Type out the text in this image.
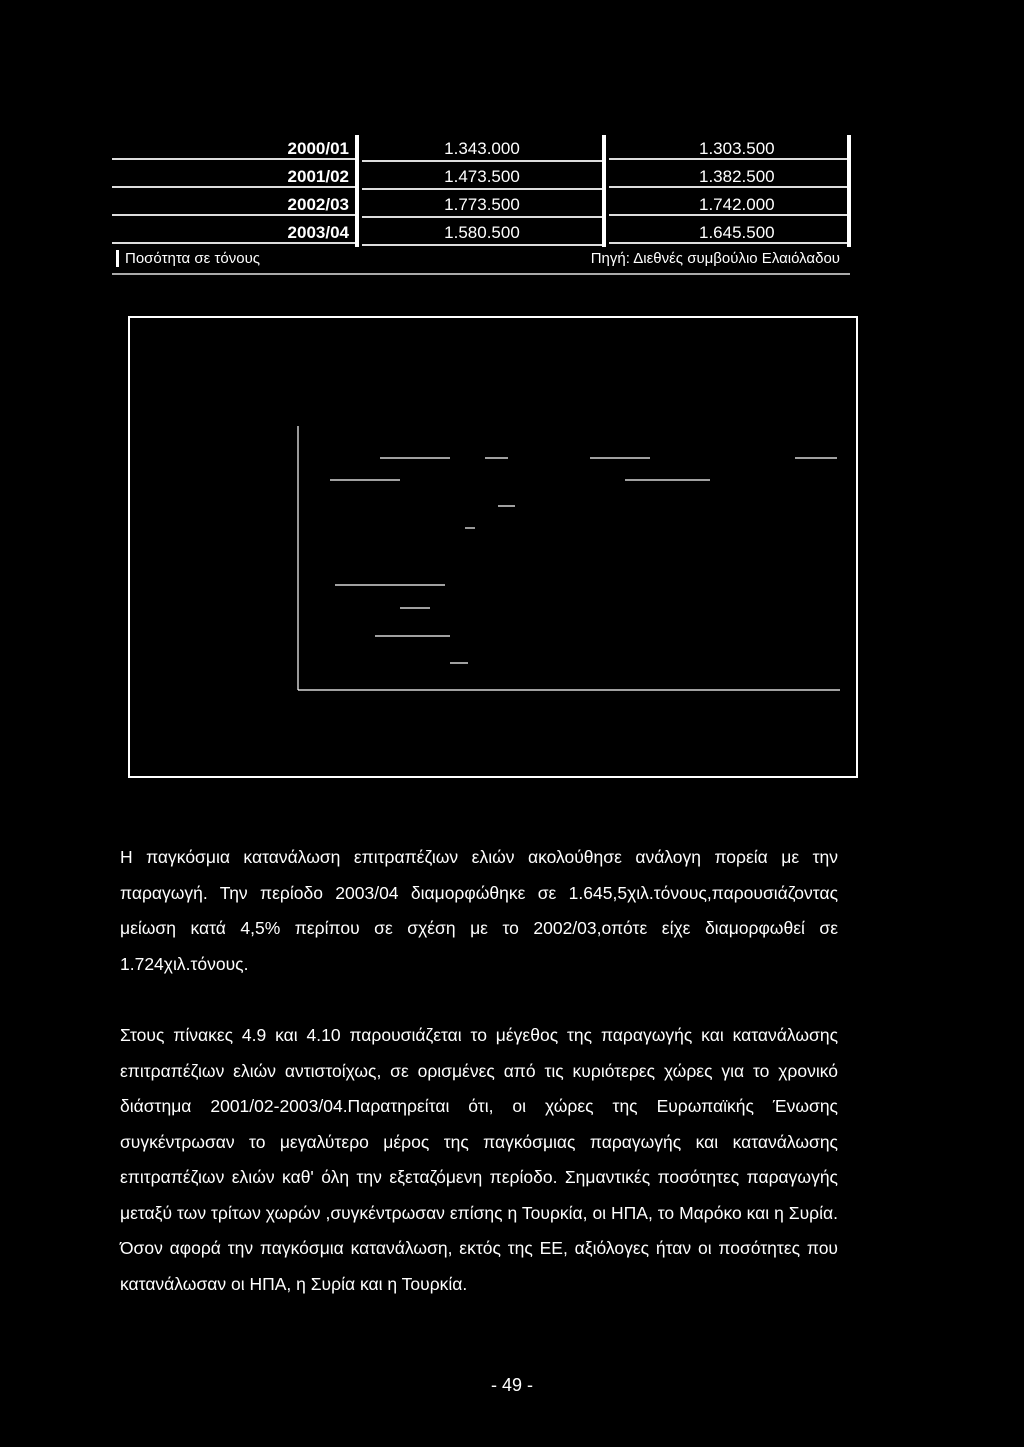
2000/01	1.343.000	1.303.500
2001/02	1.473.500	1.382.500
2002/03	1.773.500	1.742.000
2003/04	1.580.500	1.645.500
Ποσότητα σε τόνους	Πηγή: Διεθνές συμβούλιο Ελαιόλαδου
Η παγκόσμια κατανάλωση επιτραπέζιων ελιών ακολούθησε ανάλογη πορεία με την παραγωγή. Την περίοδο 2003/04 διαμορφώθηκε σε 1.645,5χιλ.τόνους,παρουσιάζοντας μείωση κατά 4,5% περίπου σε σχέση με το 2002/03,οπότε είχε διαμορφωθεί σε 1.724χιλ.τόνους.
Στους πίνακες 4.9 και 4.10 παρουσιάζεται το μέγεθος της παραγωγής και κατανάλωσης επιτραπέζιων ελιών αντιστοίχως, σε ορισμένες από τις κυριότερες χώρες για το χρονικό διάστημα 2001/02-2003/04.Παρατηρείται ότι, οι χώρες της Ευρωπαϊκής Ένωσης συγκέντρωσαν το μεγαλύτερο μέρος της παγκόσμιας παραγωγής και κατανάλωσης επιτραπέζιων ελιών καθ' όλη την εξεταζόμενη περίοδο. Σημαντικές ποσότητες παραγωγής μεταξύ των τρίτων χωρών ,συγκέντρωσαν επίσης η Τουρκία, οι ΗΠΑ, το Μαρόκο και η Συρία. Όσον αφορά την παγκόσμια κατανάλωση, εκτός της ΕΕ, αξιόλογες ήταν οι ποσότητες που κατανάλωσαν οι ΗΠΑ, η Συρία και η Τουρκία.
- 49 -
